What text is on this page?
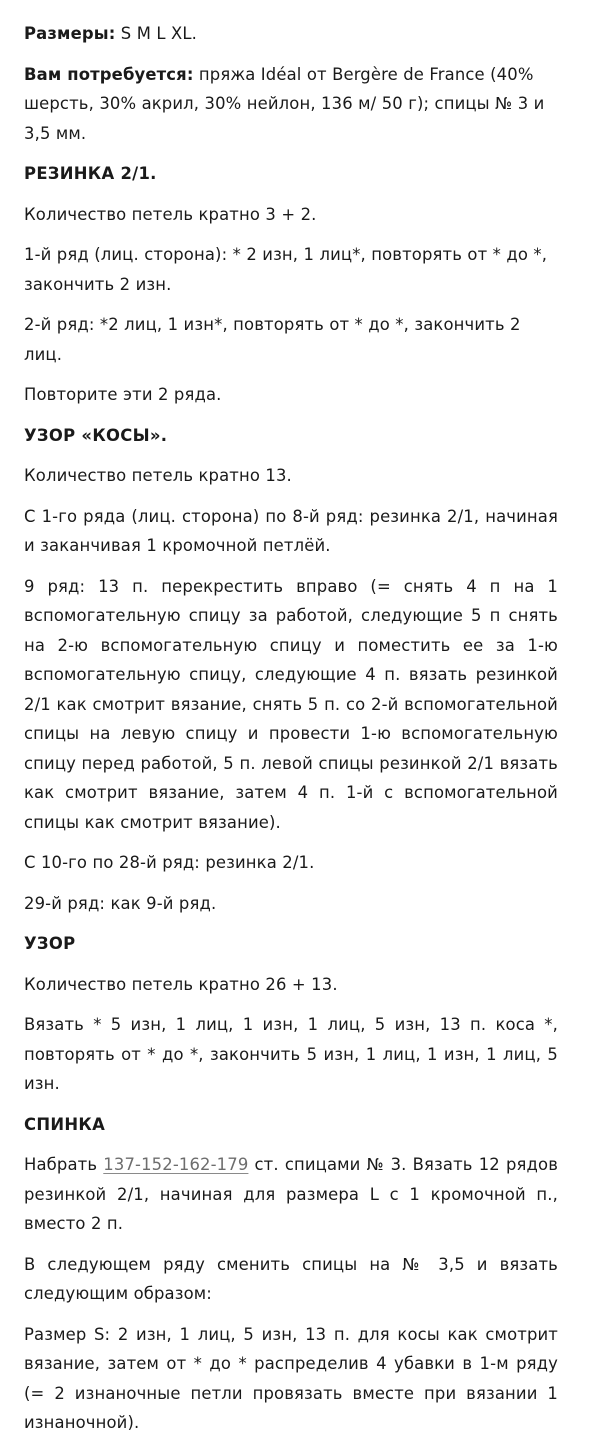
Размеры: S M L XL.

Вам потребуется: пряжа Idéal от Bergère de France (40% шерсть, 30% акрил, 30% нейлон, 136 м/ 50 г); спицы № 3 и 3,5 мм.

РЕЗИНКА 2/1.

Количество петель кратно 3 + 2.

1-й ряд (лиц. сторона): * 2 изн, 1 лиц*, повторять от * до *, закончить 2 изн.

2-й ряд: *2 лиц, 1 изн*, повторять от * до *, закончить 2 лиц.

Повторите эти 2 ряда.

УЗОР «КОСЫ».

Количество петель кратно 13.

С 1-го ряда (лиц. сторона) по 8-й ряд: резинка 2/1, начиная и заканчивая 1 кромочной петлёй.

9 ряд: 13 п. перекрестить вправо (= снять 4 п на 1 вспомогательную спицу за работой, следующие 5 п снять на 2-ю вспомогательную спицу и поместить ее за 1-ю вспомогательную спицу, следующие 4 п. вязать резинкой 2/1 как смотрит вязание, снять 5 п. со 2-й вспомогательной спицы на левую спицу и провести 1-ю вспомогательную спицу перед работой, 5 п. левой спицы резинкой 2/1 вязать как смотрит вязание, затем 4 п. 1-й с вспомогательной спицы как смотрит вязание).

С 10-го по 28-й ряд: резинка 2/1.

29-й ряд: как 9-й ряд.

УЗОР

Количество петель кратно 26 + 13.

Вязать * 5 изн, 1 лиц, 1 изн, 1 лиц, 5 изн, 13 п. коса *, повторять от * до *, закончить 5 изн, 1 лиц, 1 изн, 1 лиц, 5 изн.

СПИНКА

Набрать 137-152-162-179 ст. спицами № 3. Вязать 12 рядов резинкой 2/1, начиная для размера L с 1 кромочной п., вместо 2 п.

В следующем ряду сменить спицы на № 3,5 и вязать следующим образом:

Размер S: 2 изн, 1 лиц, 5 изн, 13 п. для косы как смотрит вязание, затем от * до * распределив 4 убавки в 1-м ряду (= 2 изнаночные петли провязать вместе при вязании 1 изнаночной).
